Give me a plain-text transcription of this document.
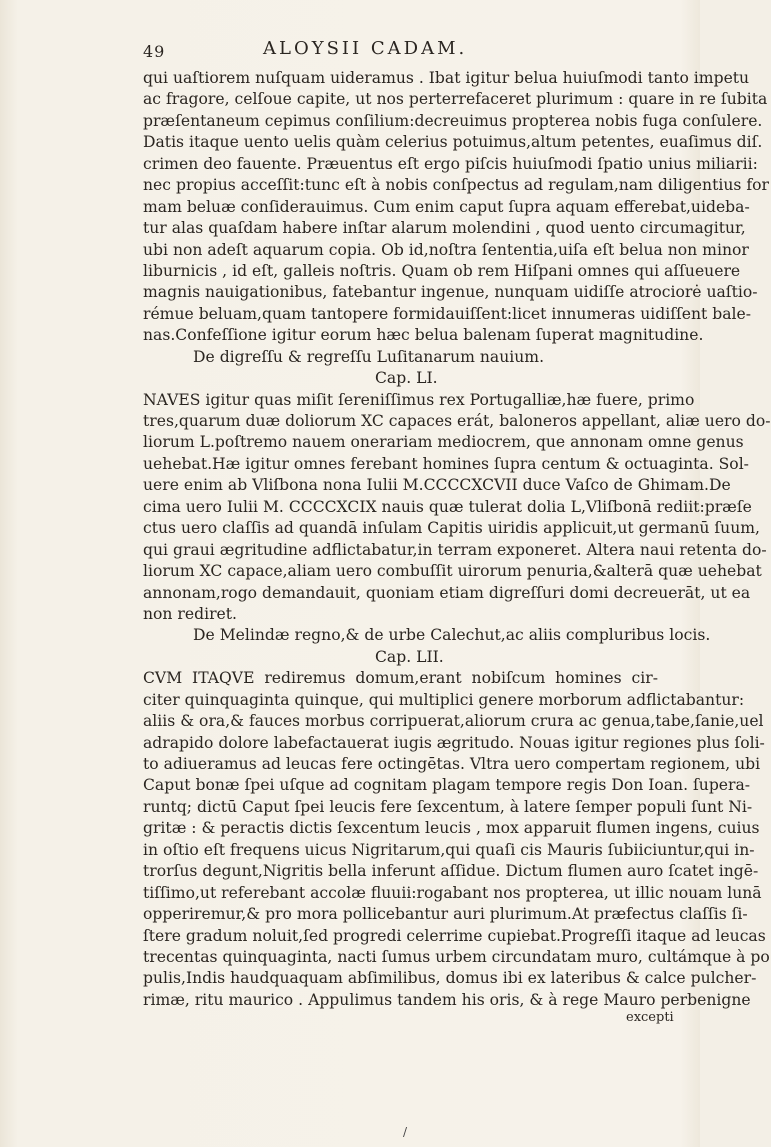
49	ALOYSII CADAM.
qui uaſtiorem nuſquam uideramus . Ibat igitur belua huiuſmodi tanto impetu
ac fragore, celſoue capite, ut nos perterrefaceret plurimum : quare in re ſubita
præſentaneum cepimus conſilium:decreuimus propterea nobis fuga conſulere.
Datis itaque uento uelis quàm celerius potuimus,altum petentes, euaſimus diſ.
crimen deo fauente. Præuentus eſt ergo piſcis huiuſmodi ſpatio unius miliarii:
nec propius acceſſit:tunc eſt à nobis conſpectus ad regulam,nam diligentius for
mam beluæ conſiderauimus. Cum enim caput ſupra aquam efferebat,uideba-
tur alas quaſdam habere inſtar alarum molendini , quod uento circumagitur,
ubi non adeſt aquarum copia. Ob id,noſtra ſententia,uiſa eſt belua non minor
liburnicis , id eſt, galleis noſtris. Quam ob rem Hiſpani omnes qui aſſueuere
magnis nauigationibus, fatebantur ingenue, nunquam uidiſſe atrociorė uaſtio-
rémue beluam,quam tantopere formidauiſſent:licet innumeras uidiſſent bale-
nas.Confeſſione igitur eorum hæc belua balenam ſuperat magnitudine.
De digreſſu & regreſſu Luſitanarum nauium.
Cap. LI.
NAVES igitur quas miſit ſereniſſimus rex Portugalliæ,hæ fuere, primo
tres,quarum duæ doliorum XC capaces erát, baloneros appellant, aliæ uero do-
liorum L.poſtremo nauem onerariam mediocrem, que annonam omne genus
uehebat.Hæ igitur omnes ferebant homines ſupra centum & octuaginta. Sol-
uere enim ab Vliſbona nona Iulii M.CCCCXCVII duce Vaſco de Ghimam.De
cima uero Iulii M. CCCCXCIX nauis quæ tulerat dolia L,Vliſbonā rediit:præſe
ctus uero claſſis ad quandā inſulam Capitis uiridis applicuit,ut germanū ſuum,
qui graui ægritudine adflictabatur,in terram exponeret. Altera naui retenta do-
liorum XC capace,aliam uero combuſſit uirorum penuria,&alterā quæ uehebat
annonam,rogo demandauit, quoniam etiam digreſſuri domi decreuerāt, ut ea
non rediret.
De Melindæ regno,& de urbe Calechut,ac aliis compluribus locis.
Cap. LII.
CVM ITAQVE rediremus domum,erant nobiſcum homines cir-
citer quinquaginta quinque, qui multiplici genere morborum adflictabantur:
aliis & ora,& fauces morbus corripuerat,aliorum crura ac genua,tabe,ſanie,uel
adrapido dolore labefactauerat iugis ægritudo. Nouas igitur regiones plus ſoli-
to adiueramus ad leucas fere octingētas. Vltra uero compertam regionem, ubi
Caput bonæ ſpei uſque ad cognitam plagam tempore regis Don Ioan. ſupera-
runtq; dictū Caput ſpei leucis fere ſexcentum, à latere ſemper populi ſunt Ni-
gritæ : & peractis dictis ſexcentum leucis , mox apparuit flumen ingens, cuius
in oſtio eſt frequens uicus Nigritarum,qui quaſi cis Mauris ſubiiciuntur,qui in-
trorſus degunt,Nigritis bella inferunt aſſidue. Dictum flumen auro ſcatet ingē-
tiſſimo,ut referebant accolæ fluuii:rogabant nos propterea, ut illic nouam lunā
opperiremur,& pro mora pollicebantur auri plurimum.At præfectus claſſis ſi-
ſtere gradum noluit,ſed progredi celerrime cupiebat.Progreſſi itaque ad leucas
trecentas quinquaginta, nacti ſumus urbem circundatam muro, cultámque à po
pulis,Indis haudquaquam abſimilibus, domus ibi ex lateribus & calce pulcher-
rimæ, ritu maurico . Appulimus tandem his oris, & à rege Mauro perbenigne
excepti
/
